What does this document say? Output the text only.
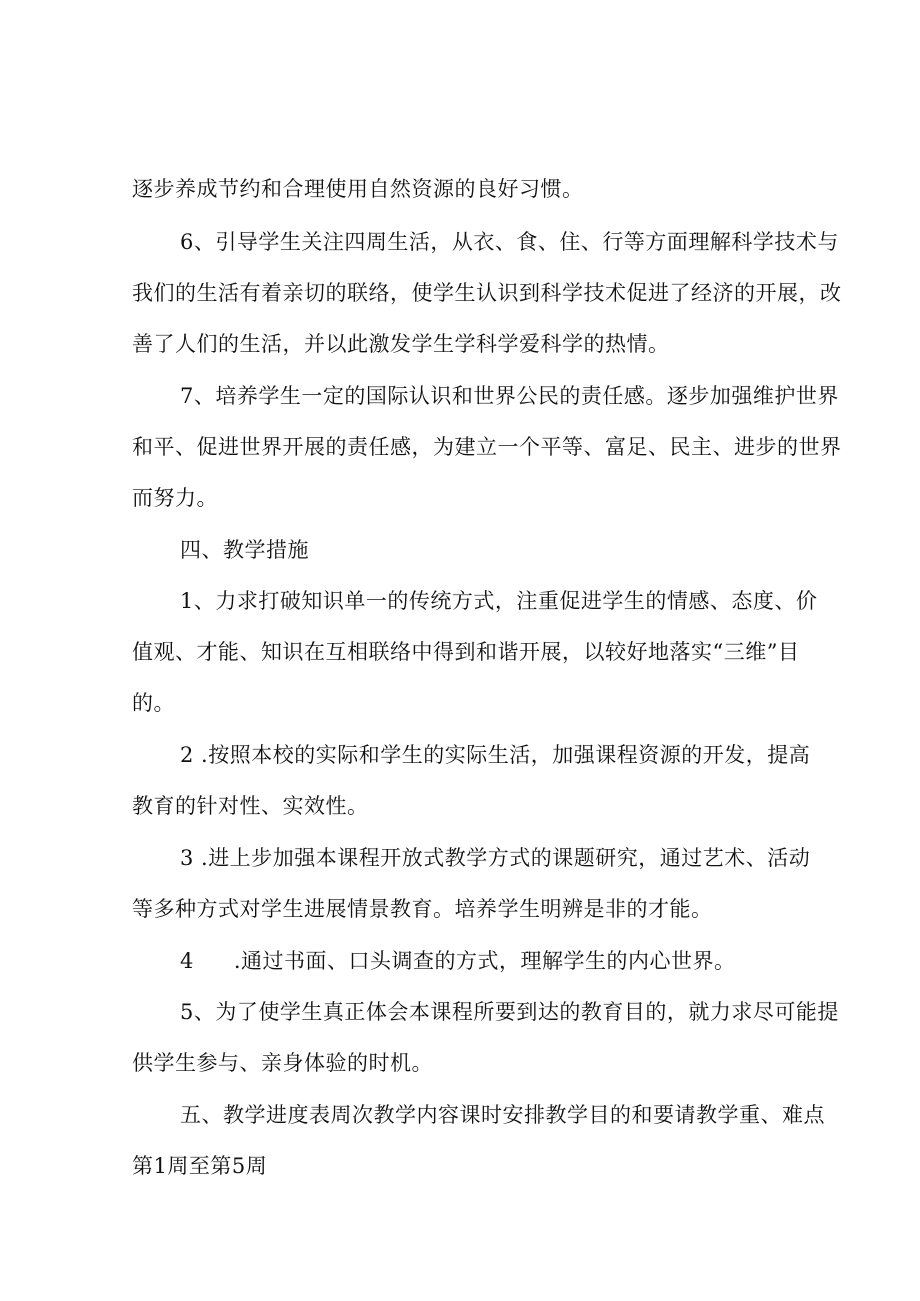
逐步养成节约和合理使用自然资源的良好习惯。
6、引导学生关注四周生活，从衣、食、住、行等方面理解科学技术与
我们的生活有着亲切的联络，使学生认识到科学技术促进了经济的开展，改
善了人们的生活，并以此激发学生学科学爱科学的热情。
7、培养学生一定的国际认识和世界公民的责任感。逐步加强维护世界
和平、促进世界开展的责任感，为建立一个平等、富足、民主、进步的世界
而努力。
四、教学措施
1、力求打破知识单一的传统方式，注重促进学生的情感、态度、价
值观、才能、知识在互相联络中得到和谐开展，以较好地落实“三维”目
的。
2 .按照本校的实际和学生的实际生活，加强课程资源的开发，提高
教育的针对性、实效性。
3 .进上步加强本课程开放式教学方式的课题研究，通过艺术、活动
等多种方式对学生进展情景教育。培养学生明辨是非的才能。
4 .通过书面、口头调查的方式，理解学生的内心世界。
5、为了使学生真正体会本课程所要到达的教育目的，就力求尽可能提
供学生参与、亲身体验的时机。
五、教学进度表周次教学内容课时安排教学目的和要请教学重、难点
第1周至第5周
